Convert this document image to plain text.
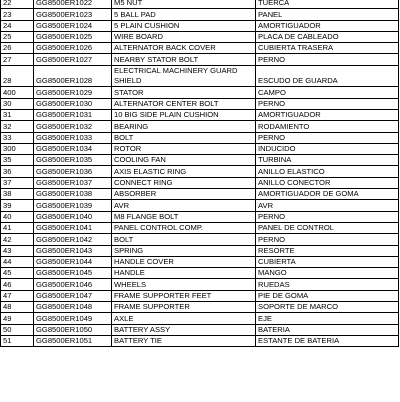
22	GG8500ER1022	M5 NUT	TUERCA
23	GG8500ER1023	5 BALL PAD	PANEL
24	GG8500ER1024	5 PLAIN CUSHION	AMORTIGUADOR
25	GG8500ER1025	WIRE BOARD	PLACA DE CABLEADO
26	GG8500ER1026	ALTERNATOR BACK COVER	CUBIERTA TRASERA
27	GG8500ER1027	NEARBY STATOR BOLT	PERNO
28	GG8500ER1028	ELECTRICAL MACHINERY GUARD SHIELD	ESCUDO DE GUARDA
400	GG8500ER1029	STATOR	CAMPO
30	GG8500ER1030	ALTERNATOR CENTER BOLT	PERNO
31	GG8500ER1031	10 BIG SIDE PLAIN CUSHION	AMORTIGUADOR
32	GG8500ER1032	BEARING	RODAMIENTO
33	GG8500ER1033	BOLT	PERNO
300	GG8500ER1034	ROTOR	INDUCIDO
35	GG8500ER1035	COOLING FAN	TURBINA
36	GG8500ER1036	AXIS ELASTIC RING	ANILLO ELASTICO
37	GG8500ER1037	CONNECT RING	ANILLO CONECTOR
38	GG8500ER1038	ABSORBER	AMORTIGUADOR DE GOMA
39	GG8500ER1039	AVR	AVR
40	GG8500ER1040	M8 FLANGE BOLT	PERNO
41	GG8500ER1041	PANEL CONTROL COMP.	PANEL DE CONTROL
42	GG8500ER1042	BOLT	PERNO
43	GG8500ER1043	SPRING	RESORTE
44	GG8500ER1044	HANDLE COVER	CUBIERTA
45	GG8500ER1045	HANDLE	MANGO
46	GG8500ER1046	WHEELS	RUEDAS
47	GG8500ER1047	FRAME SUPPORTER FEET	PIE DE GOMA
48	GG8500ER1048	FRAME SUPPORTER	SOPORTE DE MARCO
49	GG8500ER1049	AXLE	EJE
50	GG8500ER1050	BATTERY ASSY	BATERIA
51	GG8500ER1051	BATTERY TIE	ESTANTE DE BATERIA
